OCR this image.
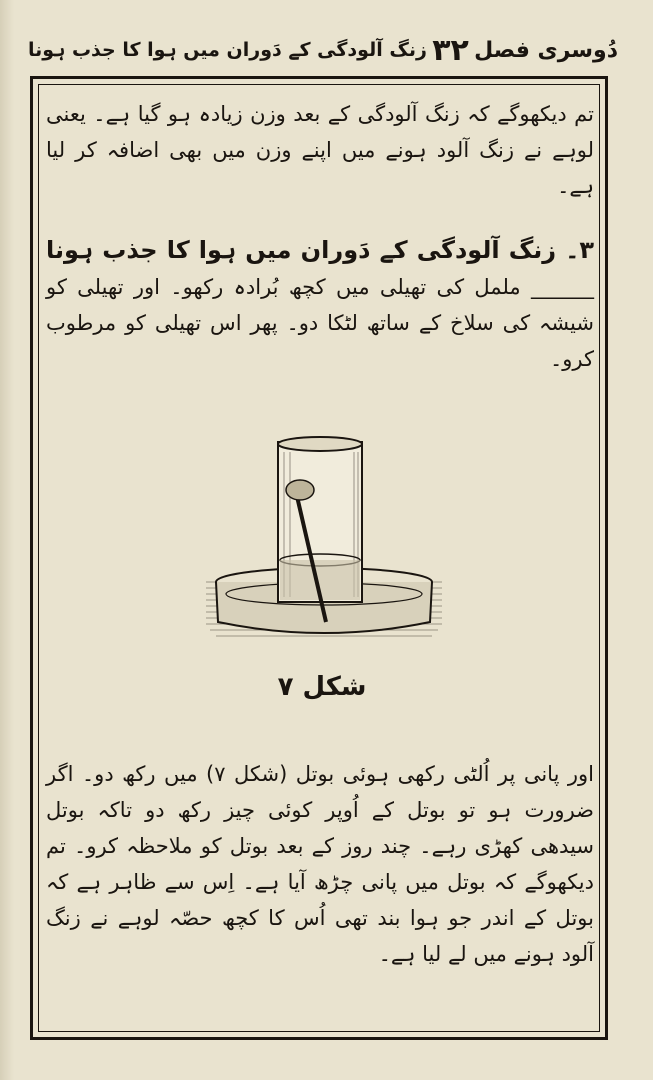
دُوسری فصل
۳۲
زنگ آلودگی کے دَوران میں ہوا کا جذب ہونا

تم دیکھوگے کہ زنگ آلودگی کے بعد وزن زیادہ ہو گیا ہے۔ یعنی لوہے نے زنگ آلود ہونے میں اپنے وزن میں بھی اضافہ کر لیا ہے۔

۳۔ زنگ آلودگی کے دَوران میں ہوا کا جذب ہونا ______ ململ کی تھیلی میں کچھ بُرادہ رکھو۔ اور تھیلی کو شیشہ کی سلاخ کے ساتھ لٹکا دو۔ پھر اس تھیلی کو مرطوب کرو۔

شکل ۷

اور پانی پر اُلٹی رکھی ہوئی بوتل (شکل ۷) میں رکھ دو۔ اگر ضرورت ہو تو بوتل کے اُوپر کوئی چیز رکھ دو تاکہ بوتل سیدھی کھڑی رہے۔ چند روز کے بعد بوتل کو ملاحظہ کرو۔ تم دیکھوگے کہ بوتل میں پانی چڑھ آیا ہے۔ اِس سے ظاہر ہے کہ بوتل کے اندر جو ہوا بند تھی اُس کا کچھ حصّہ لوہے نے زنگ آلود ہونے میں لے لیا ہے۔
